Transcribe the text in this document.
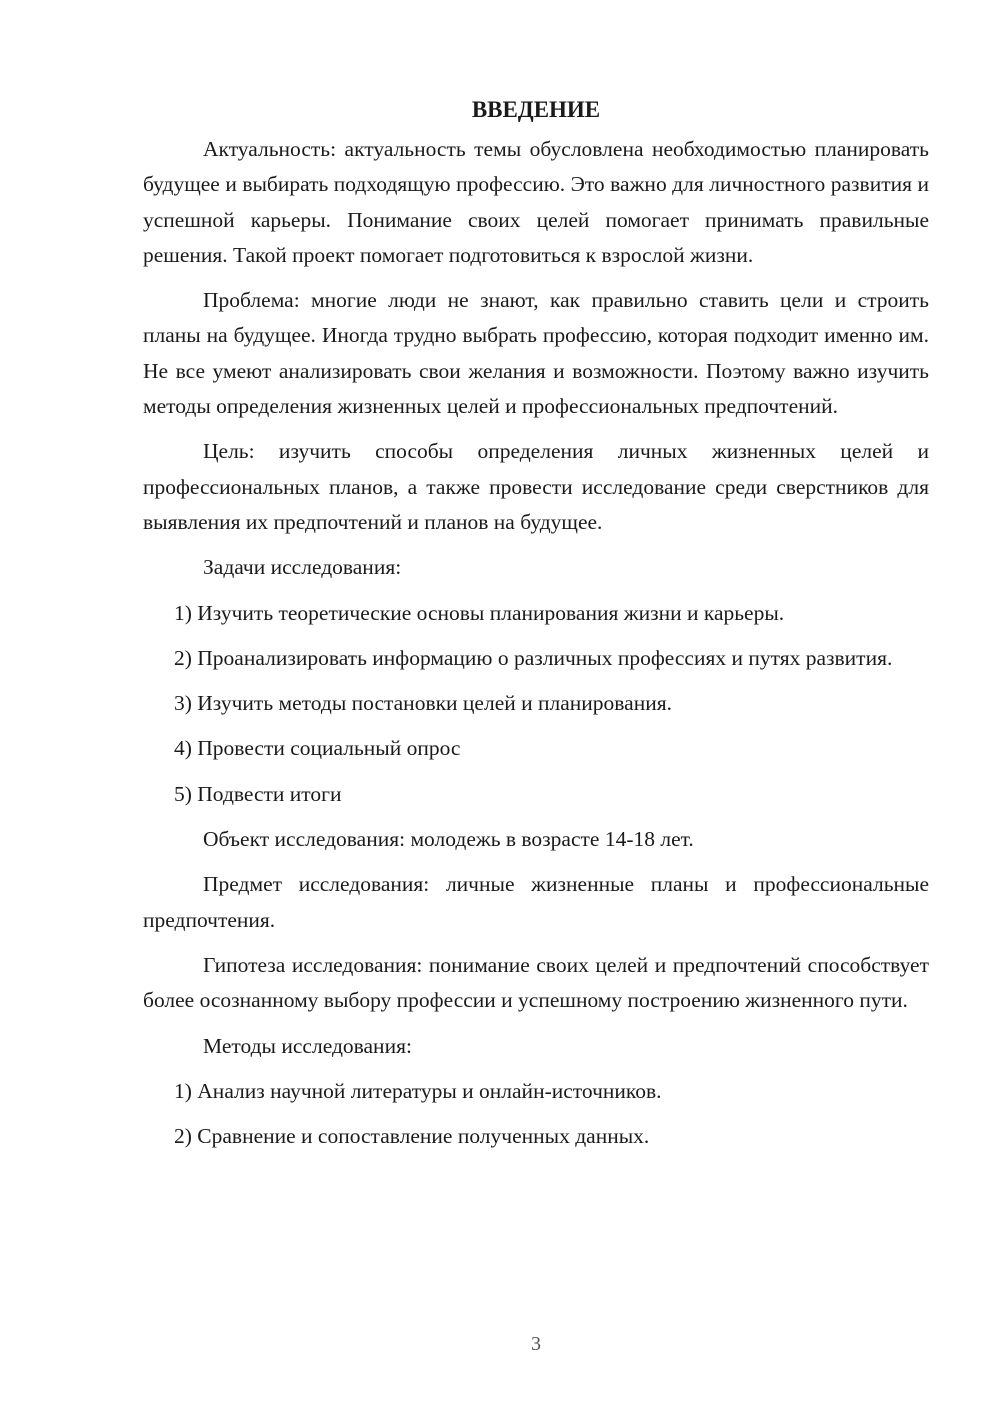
ВВЕДЕНИЕ

Актуальность: актуальность темы обусловлена необходимостью планировать будущее и выбирать подходящую профессию. Это важно для личностного развития и успешной карьеры. Понимание своих целей помогает принимать правильные решения. Такой проект помогает подготовиться к взрослой жизни.

Проблема: многие люди не знают, как правильно ставить цели и строить планы на будущее. Иногда трудно выбрать профессию, которая подходит именно им. Не все умеют анализировать свои желания и возможности. Поэтому важно изучить методы определения жизненных целей и профессиональных предпочтений.

Цель: изучить способы определения личных жизненных целей и профессиональных планов, а также провести исследование среди сверстников для выявления их предпочтений и планов на будущее.

Задачи исследования:

1) Изучить теоретические основы планирования жизни и карьеры.

2) Проанализировать информацию о различных профессиях и путях развития.

3) Изучить методы постановки целей и планирования.

4) Провести социальный опрос

5) Подвести итоги

Объект исследования: молодежь в возрасте 14-18 лет.

Предмет исследования: личные жизненные планы и профессиональные предпочтения.

Гипотеза исследования: понимание своих целей и предпочтений способствует более осознанному выбору профессии и успешному построению жизненного пути.

Методы исследования:

1) Анализ научной литературы и онлайн-источников.

2) Сравнение и сопоставление полученных данных.

3
